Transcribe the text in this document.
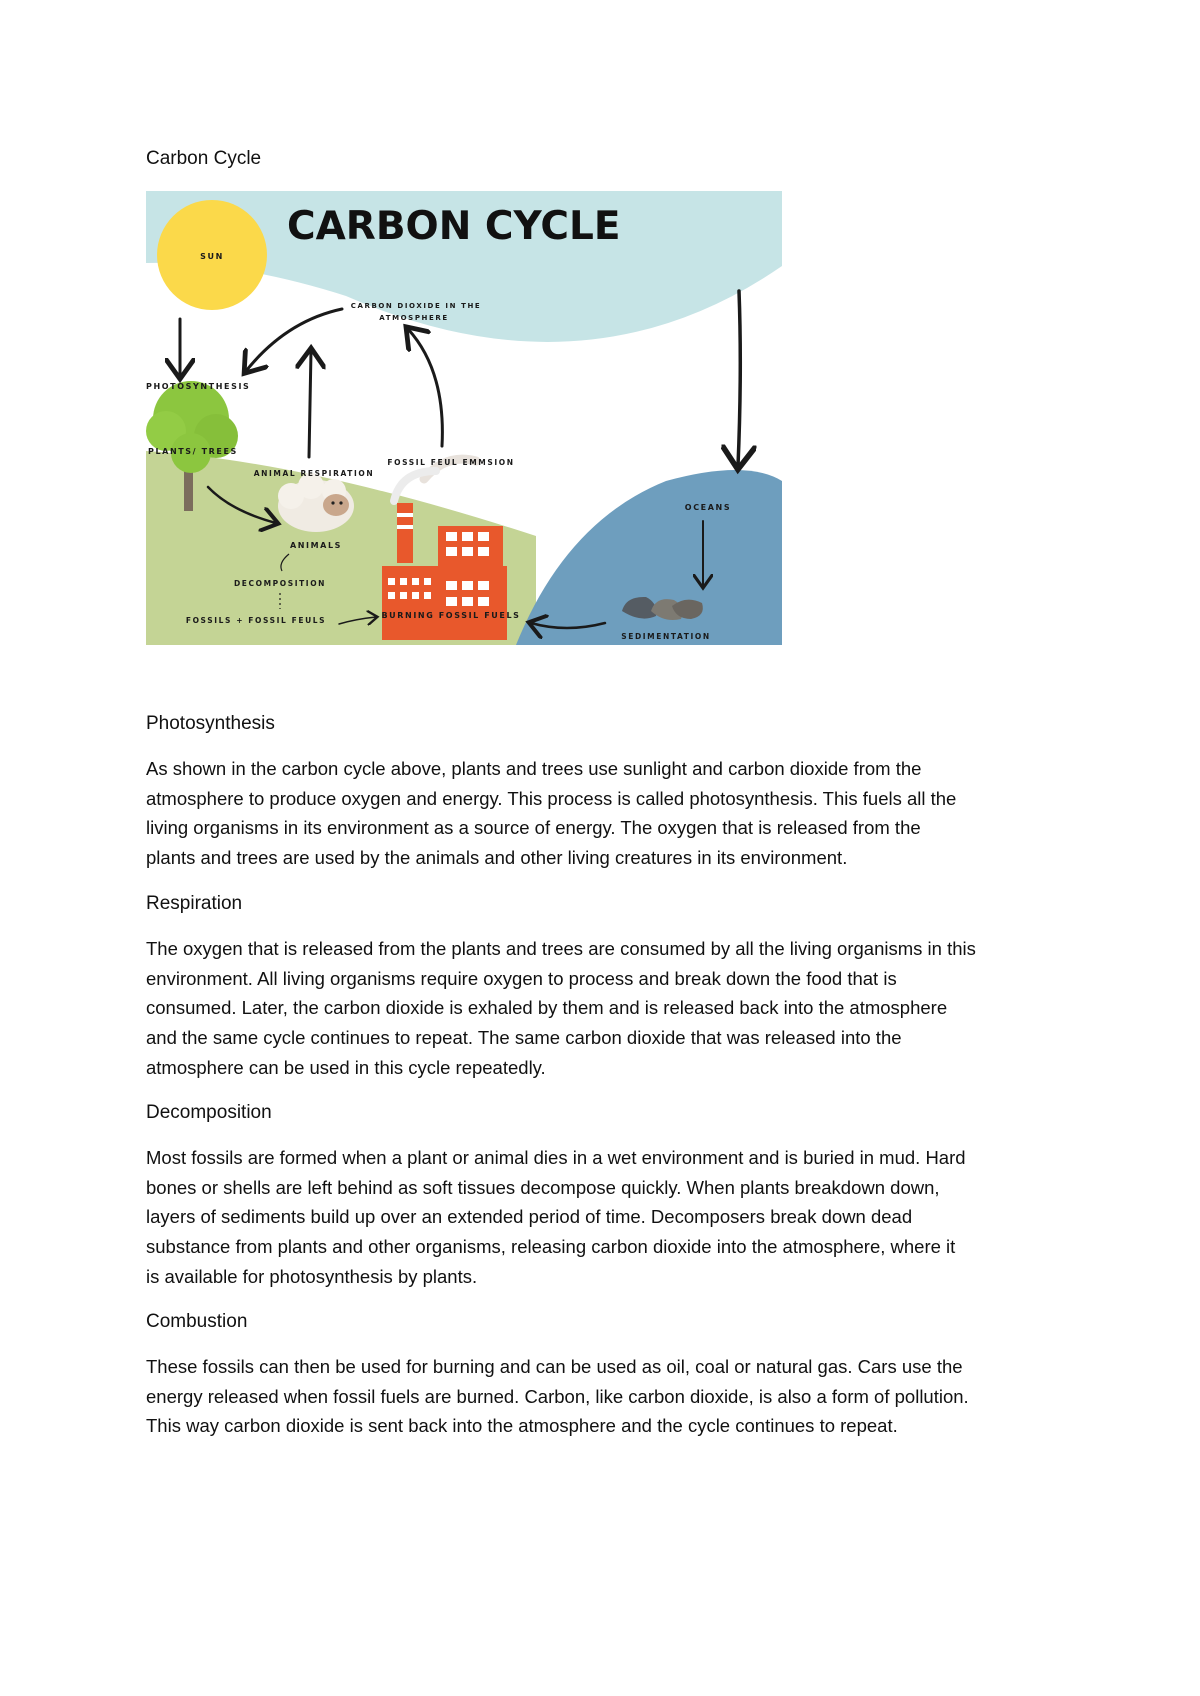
Carbon Cycle
SUN
CARBON CYCLE
CARBON DIOXIDE IN THE
ATMOSPHERE
PHOTOSYNTHESIS
PLANTS/ TREES
ANIMAL RESPIRATION
ANIMALS
DECOMPOSITION
FOSSILS + FOSSIL FEULS
FOSSIL FEUL EMMSION
BURNING FOSSIL FUELS
OCEANS
SEDIMENTATION
Photosynthesis

As shown in the carbon cycle above, plants and trees use sunlight and carbon dioxide from the
atmosphere to produce oxygen and energy. This process is called photosynthesis. This fuels all the
living organisms in its environment as a source of energy. The oxygen that is released from the
plants and trees are used by the animals and other living creatures in its environment.

Respiration

The oxygen that is released from the plants and trees are consumed by all the living organisms in this
environment. All living organisms require oxygen to process and break down the food that is
consumed. Later, the carbon dioxide is exhaled by them and is released back into the atmosphere
and the same cycle continues to repeat. The same carbon dioxide that was released into the
atmosphere can be used in this cycle repeatedly.

Decomposition

Most fossils are formed when a plant or animal dies in a wet environment and is buried in mud. Hard
bones or shells are left behind as soft tissues decompose quickly. When plants breakdown down,
layers of sediments build up over an extended period of time. Decomposers break down dead
substance from plants and other organisms, releasing carbon dioxide into the atmosphere, where it
is available for photosynthesis by plants.

Combustion

These fossils can then be used for burning and can be used as oil, coal or natural gas. Cars use the
energy released when fossil fuels are burned. Carbon, like carbon dioxide, is also a form of pollution.
This way carbon dioxide is sent back into the atmosphere and the cycle continues to repeat.
